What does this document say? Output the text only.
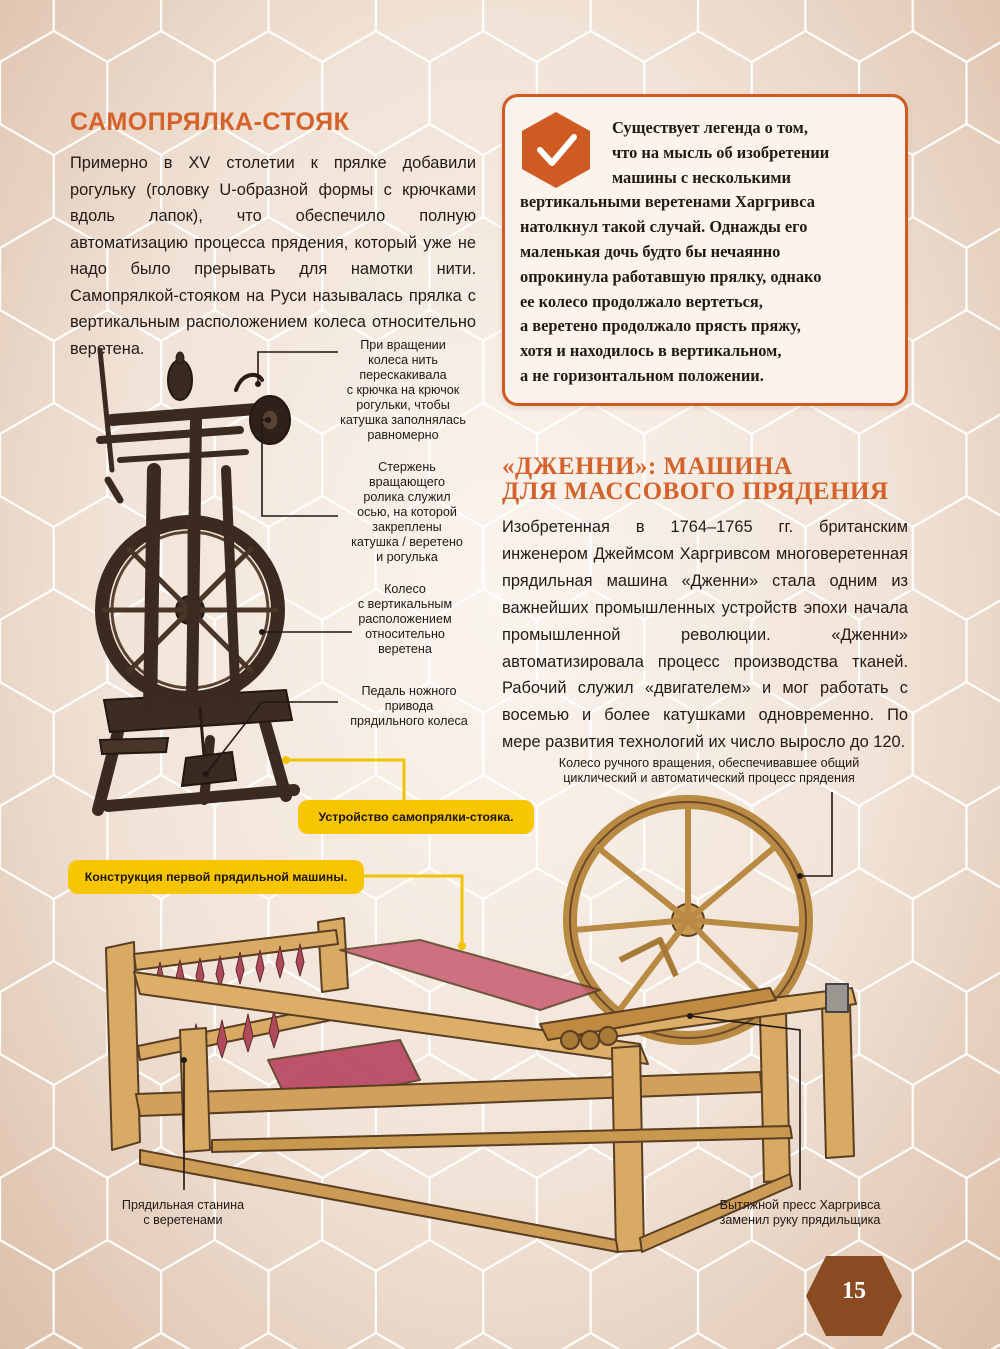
САМОПРЯЛКА-СТОЯК
Примерно в XV столетии к прялке добавили рогульку (головку U-образной формы с крючками вдоль лапок), что обеспечило полную автоматизацию процесса прядения, который уже не надо было прерывать для намотки нити. Самопрялкой-стояком на Руси называлась прялка с вертикальным расположением колеса относительно веретена.
Существует легенда о том,
что на мысль об изобретении
машины с несколькими
вертикальными веретенами Харгривса
натолкнул такой случай. Однажды его
маленькая дочь будто бы нечаянно
опрокинула работавшую прялку, однако
ее колесо продолжало вертеться,
а веретено продолжало прясть пряжу,
хотя и находилось в вертикальном,
а не горизонтальном положении.
«ДЖЕННИ»: МАШИНА
ДЛЯ МАССОВОГО ПРЯДЕНИЯ
Изобретенная в 1764–1765 гг. британским инженером Джеймсом Харгривсом многоверетенная прядильная машина «Дженни» стала одним из важнейших промышленных устройств эпохи начала промышленной революции. «Дженни» автоматизировала процесс производства тканей. Рабочий служил «двигателем» и мог работать с восемью и более катушками одновременно. По мере развития технологий их число выросло до 120.
При вращении
колеса нить
перескакивала
с крючка на крючок
рогульки, чтобы
катушка заполнялась
равномерно
Стержень
вращающего
ролика служил
осью, на которой
закреплены
катушка / веретено
и рогулька
Колесо
с вертикальным
расположением
относительно
веретена
Педаль ножного
привода
прядильного колеса
Колесо ручного вращения, обеспечивавшее общий
циклический и автоматический процесс прядения
Прядильная станина
с веретенами
Вытяжной пресс Харгривса
заменил руку прядильщика
Устройство самопрялки-стояка.
Конструкция первой прядильной машины.
15
